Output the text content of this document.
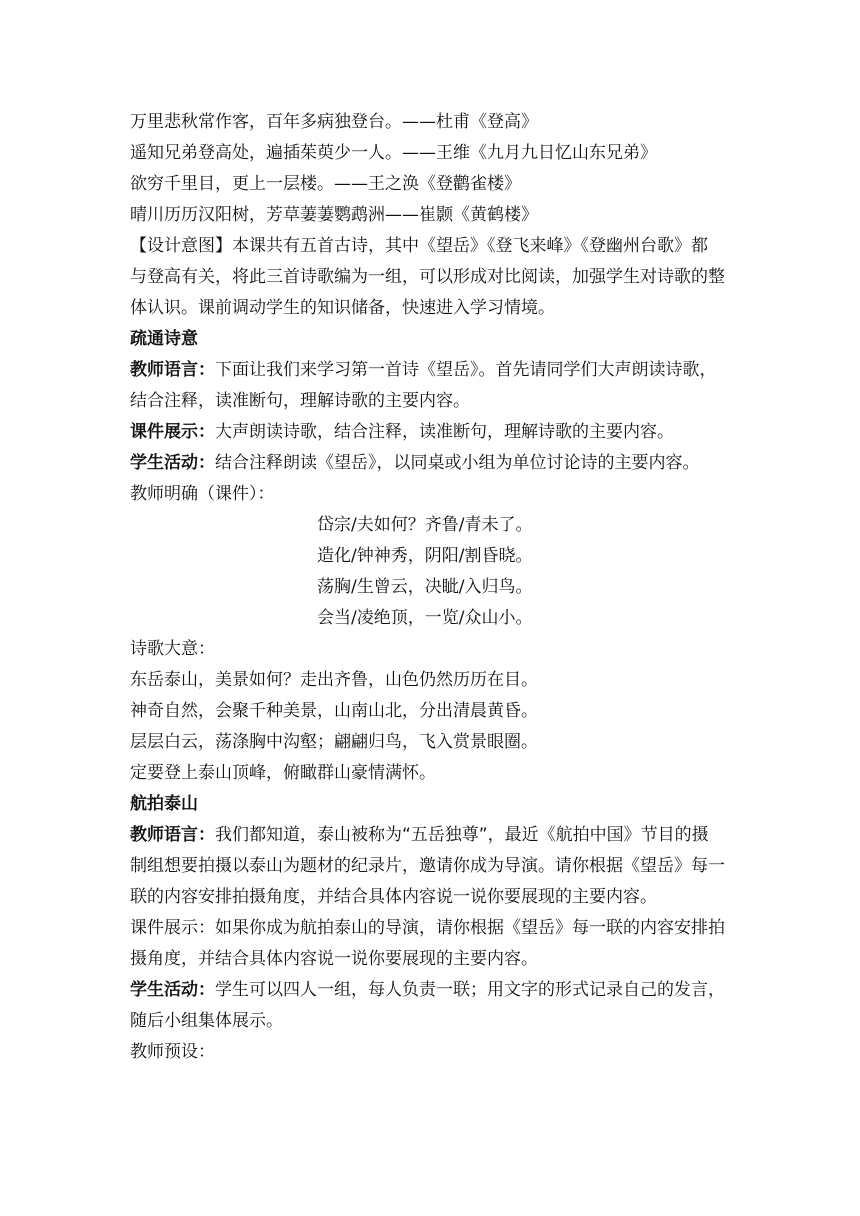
万里悲秋常作客，百年多病独登台。——杜甫《登高》
遥知兄弟登高处，遍插茱萸少一人。——王维《九月九日忆山东兄弟》
欲穷千里目，更上一层楼。——王之涣《登鹳雀楼》
晴川历历汉阳树，芳草萋萋鹦鹉洲——崔颢《黄鹤楼》
【设计意图】本课共有五首古诗，其中《望岳》《登飞来峰》《登幽州台歌》都
与登高有关，将此三首诗歌编为一组，可以形成对比阅读，加强学生对诗歌的整
体认识。课前调动学生的知识储备，快速进入学习情境。
疏通诗意
教师语言：下面让我们来学习第一首诗《望岳》。首先请同学们大声朗读诗歌，
结合注释，读准断句，理解诗歌的主要内容。
课件展示：大声朗读诗歌，结合注释，读准断句，理解诗歌的主要内容。
学生活动：结合注释朗读《望岳》，以同桌或小组为单位讨论诗的主要内容。
教师明确（课件）：
岱宗/夫如何？齐鲁/青未了。
造化/钟神秀，阴阳/割昏晓。
荡胸/生曾云，决眦/入归鸟。
会当/凌绝顶，一览/众山小。
诗歌大意：
东岳泰山，美景如何？走出齐鲁，山色仍然历历在目。
神奇自然，会聚千种美景，山南山北，分出清晨黄昏。
层层白云，荡涤胸中沟壑；翩翩归鸟，飞入赏景眼圈。
定要登上泰山顶峰，俯瞰群山豪情满怀。
航拍泰山
教师语言：我们都知道，泰山被称为“五岳独尊”，最近《航拍中国》节目的摄
制组想要拍摄以泰山为题材的纪录片，邀请你成为导演。请你根据《望岳》每一
联的内容安排拍摄角度，并结合具体内容说一说你要展现的主要内容。
课件展示：如果你成为航拍泰山的导演，请你根据《望岳》每一联的内容安排拍
摄角度，并结合具体内容说一说你要展现的主要内容。
学生活动：学生可以四人一组，每人负责一联；用文字的形式记录自己的发言，
随后小组集体展示。
教师预设：
